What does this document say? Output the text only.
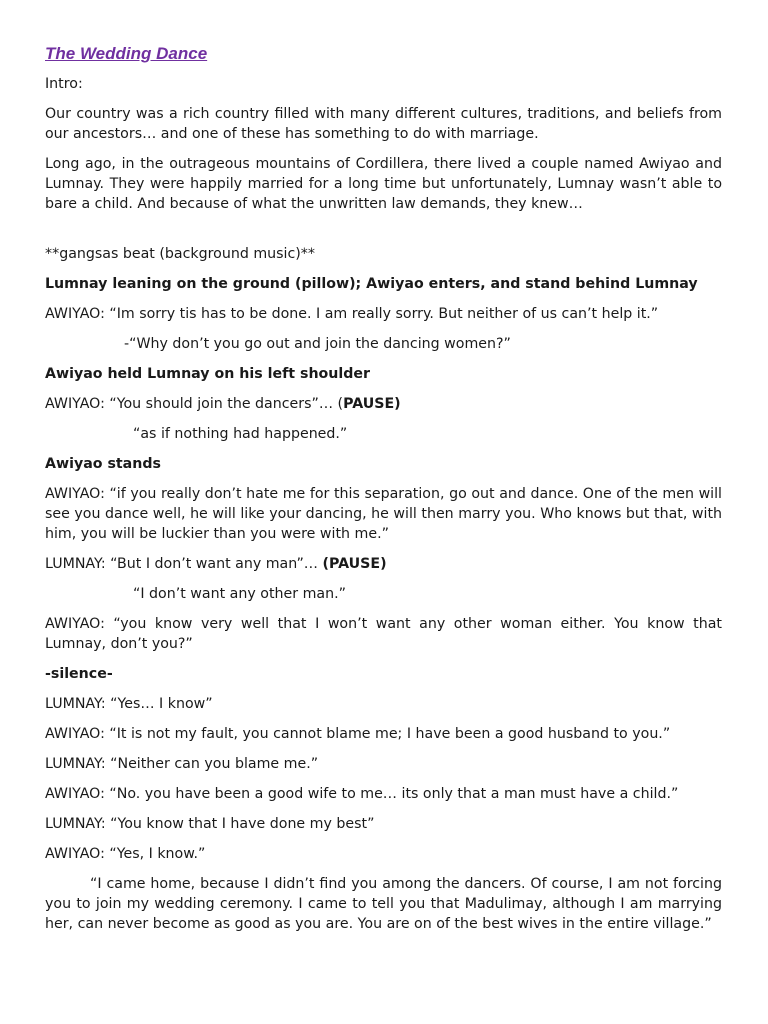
The Wedding Dance

Intro:

Our country was a rich country filled with many different cultures, traditions, and beliefs from our ancestors… and one of these has something to do with marriage.

Long ago, in the outrageous mountains of Cordillera, there lived a couple named Awiyao and Lumnay. They were happily married for a long time but unfortunately, Lumnay wasn’t able to bare a child. And because of what the unwritten law demands, they knew…

**gangsas beat (background music)**

Lumnay leaning on the ground (pillow); Awiyao enters, and stand behind Lumnay

AWIYAO: “Im sorry tis has to be done. I am really sorry. But neither of us can’t help it.”

-“Why don’t you go out and join the dancing women?”

Awiyao held Lumnay on his left shoulder

AWIYAO: “You should join the dancers”… (PAUSE)

“as if nothing had happened.”

Awiyao stands

AWIYAO: “if you really don’t hate me for this separation, go out and dance. One of the men will see you dance well, he will like your dancing, he will then marry you. Who knows but that, with him, you will be luckier than you were with me.”

LUMNAY: “But I don’t want any man”… (PAUSE)

“I don’t want any other man.”

AWIYAO: “you know very well that I won’t want any other woman either. You know that Lumnay, don’t you?”

-silence-

LUMNAY: “Yes… I know”

AWIYAO: “It is not my fault, you cannot blame me; I have been a good husband to you.”

LUMNAY: “Neither can you blame me.”

AWIYAO: “No. you have been a good wife to me… its only that a man must have a child.”

LUMNAY: “You know that I have done my best”

AWIYAO: “Yes, I know.”

“I came home, because I didn’t find you among the dancers. Of course, I am not forcing you to join my wedding ceremony. I came to tell you that Madulimay, although I am marrying her, can never become as good as you are. You are on of the best wives in the entire village.”
